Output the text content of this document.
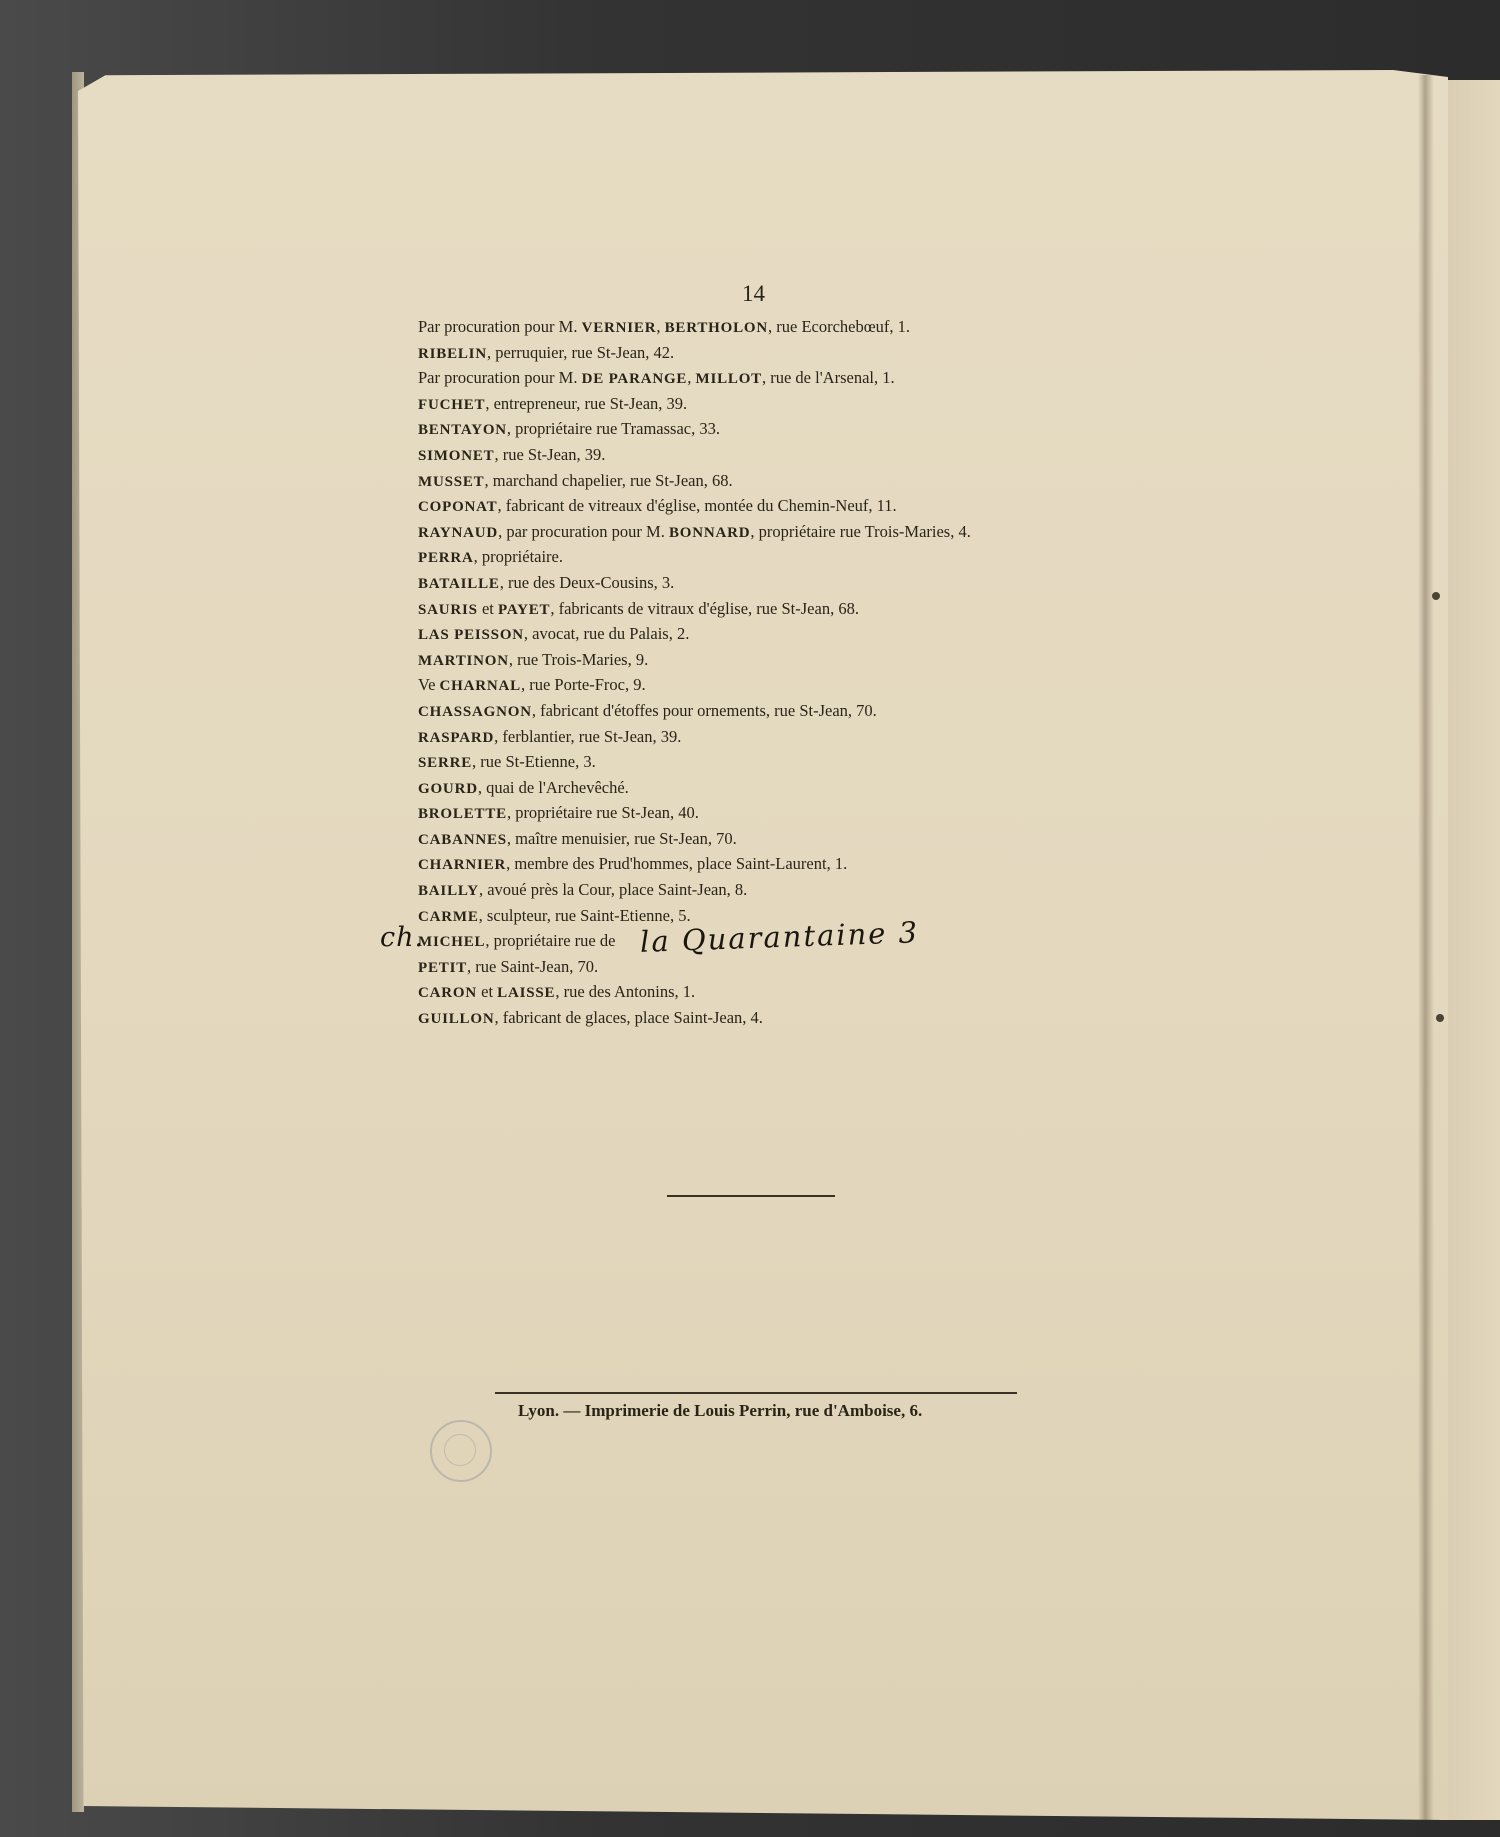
14
Par procuration pour M. VERNIER, BERTHOLON, rue Ecorchebœuf, 1.
RIBELIN, perruquier, rue St-Jean, 42.
Par procuration pour M. DE PARANGE, MILLOT, rue de l'Arsenal, 1.
FUCHET, entrepreneur, rue St-Jean, 39.
BENTAYON, propriétaire rue Tramassac, 33.
SIMONET, rue St-Jean, 39.
MUSSET, marchand chapelier, rue St-Jean, 68.
COPONAT, fabricant de vitreaux d'église, montée du Chemin-Neuf, 11.
RAYNAUD, par procuration pour M. BONNARD, propriétaire rue Trois-Maries, 4.
PERRA, propriétaire.
BATAILLE, rue des Deux-Cousins, 3.
SAURIS et PAYET, fabricants de vitraux d'église, rue St-Jean, 68.
LAS PEISSON, avocat, rue du Palais, 2.
MARTINON, rue Trois-Maries, 9.
Ve CHARNAL, rue Porte-Froc, 9.
CHASSAGNON, fabricant d'étoffes pour ornements, rue St-Jean, 70.
RASPARD, ferblantier, rue St-Jean, 39.
SERRE, rue St-Etienne, 3.
GOURD, quai de l'Archevêché.
BROLETTE, propriétaire rue St-Jean, 40.
CABANNES, maître menuisier, rue St-Jean, 70.
CHARNIER, membre des Prud'hommes, place Saint-Laurent, 1.
BAILLY, avoué près la Cour, place Saint-Jean, 8.
CARME, sculpteur, rue Saint-Etienne, 5.
MICHEL, propriétaire rue de
PETIT, rue Saint-Jean, 70.
CARON et LAISSE, rue des Antonins, 1.
GUILLON, fabricant de glaces, place Saint-Jean, 4.
ch.	la Quarantaine 3
Lyon. — Imprimerie de Louis Perrin, rue d'Amboise, 6.
